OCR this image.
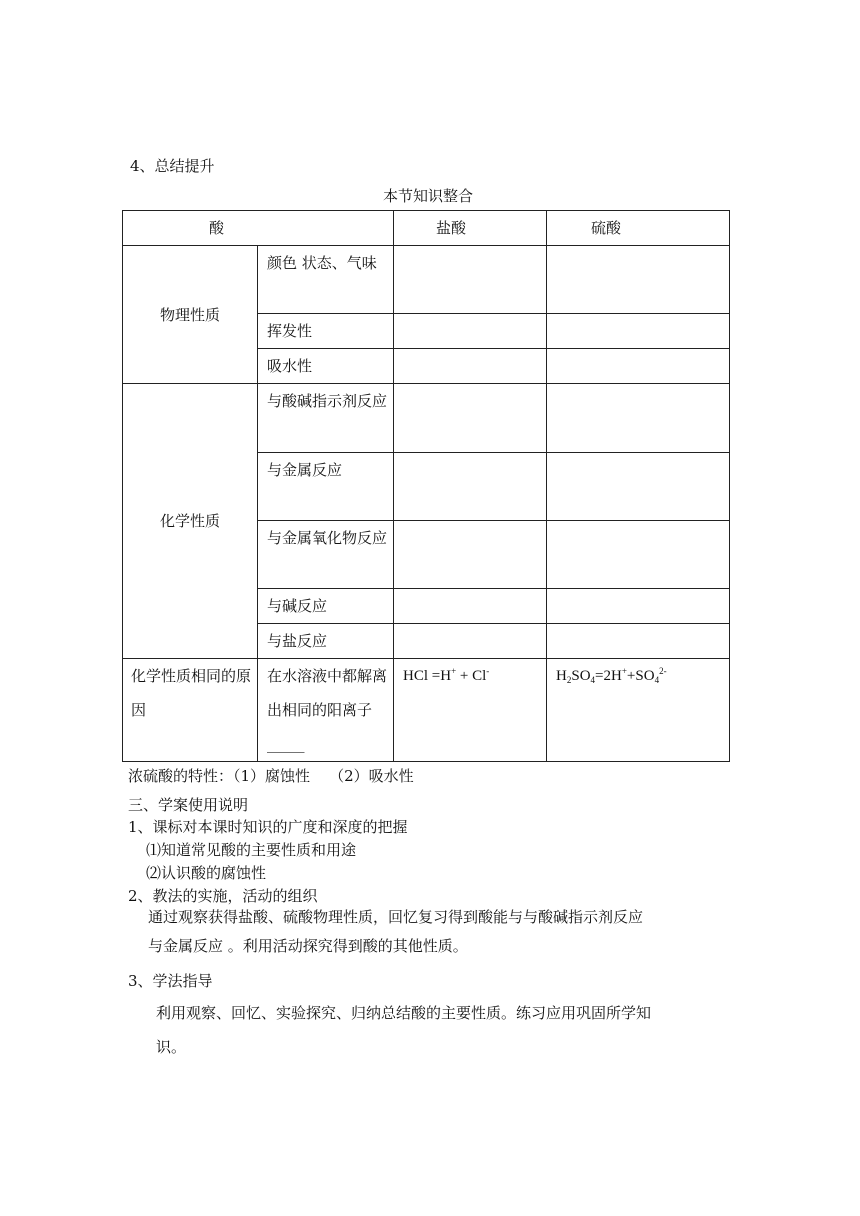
4、总结提升
本节知识整合
酸		盐酸	硫酸
物理性质	颜色 状态、气味		

	挥发性		

	吸水性		

化学性质	与酸碱指示剂反应		

	与金属反应		

	与金属氧化物反应		

	与碱反应		

	与盐反应		

化学性质相同的原因	在水溶液中都解离出相同的阳离子_____	HCl =H+ + Cl-	$H_2SO_4=2H^++SO_4^{2-}$
浓硫酸的特性：（1）腐蚀性    （2）吸水性
三、学案使用说明
1、课标对本课时知识的广度和深度的把握
⑴知道常见酸的主要性质和用途
⑵认识酸的腐蚀性
2、教法的实施，活动的组织
通过观察获得盐酸、硫酸物理性质，回忆复习得到酸能与与酸碱指示剂反应
与金属反应 。利用活动探究得到酸的其他性质。
3、学法指导
利用观察、回忆、实验探究、归纳总结酸的主要性质。练习应用巩固所学知
识。
